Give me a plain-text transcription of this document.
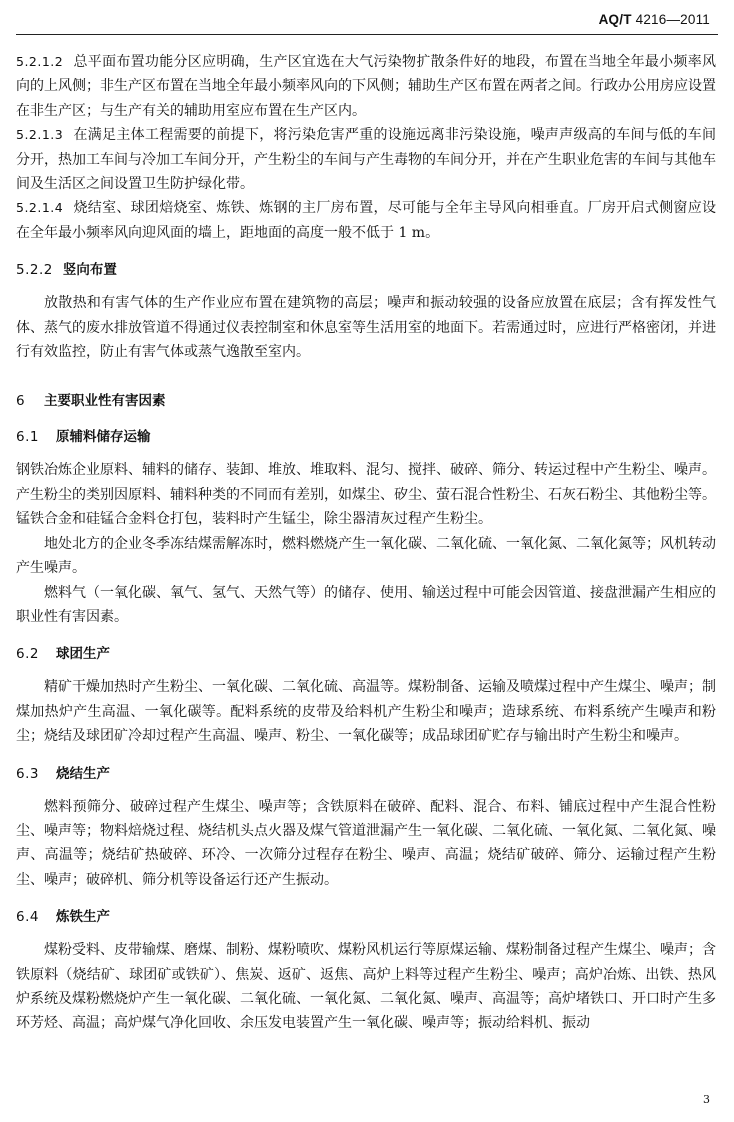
AQ/T 4216—2011

5.2.1.2 总平面布置功能分区应明确，生产区宜选在大气污染物扩散条件好的地段，布置在当地全年最小频率风向的上风侧；非生产区布置在当地全年最小频率风向的下风侧；辅助生产区布置在两者之间。行政办公用房应设置在非生产区；与生产有关的辅助用室应布置在生产区内。

5.2.1.3 在满足主体工程需要的前提下，将污染危害严重的设施远离非污染设施，噪声声级高的车间与低的车间分开，热加工车间与冷加工车间分开，产生粉尘的车间与产生毒物的车间分开，并在产生职业危害的车间与其他车间及生活区之间设置卫生防护绿化带。

5.2.1.4 烧结室、球团焙烧室、炼铁、炼钢的主厂房布置，尽可能与全年主导风向相垂直。厂房开启式侧窗应设在全年最小频率风向迎风面的墙上，距地面的高度一般不低于 1 m。

5.2.2 竖向布置

放散热和有害气体的生产作业应布置在建筑物的高层；噪声和振动较强的设备应放置在底层；含有挥发性气体、蒸气的废水排放管道不得通过仪表控制室和休息室等生活用室的地面下。若需通过时，应进行严格密闭，并进行有效监控，防止有害气体或蒸气逸散至室内。

6 主要职业性有害因素
6.1 原辅料储存运输

钢铁冶炼企业原料、辅料的储存、装卸、堆放、堆取料、混匀、搅拌、破碎、筛分、转运过程中产生粉尘、噪声。产生粉尘的类别因原料、辅料种类的不同而有差别，如煤尘、矽尘、萤石混合性粉尘、石灰石粉尘、其他粉尘等。锰铁合金和硅锰合金料仓打包，装料时产生锰尘，除尘器清灰过程产生粉尘。

地处北方的企业冬季冻结煤需解冻时，燃料燃烧产生一氧化碳、二氧化硫、一氧化氮、二氧化氮等；风机转动产生噪声。

燃料气（一氧化碳、氧气、氢气、天然气等）的储存、使用、输送过程中可能会因管道、接盘泄漏产生相应的职业性有害因素。

6.2 球团生产

精矿干燥加热时产生粉尘、一氧化碳、二氧化硫、高温等。煤粉制备、运输及喷煤过程中产生煤尘、噪声；制煤加热炉产生高温、一氧化碳等。配料系统的皮带及给料机产生粉尘和噪声；造球系统、布料系统产生噪声和粉尘；烧结及球团矿冷却过程产生高温、噪声、粉尘、一氧化碳等；成品球团矿贮存与输出时产生粉尘和噪声。

6.3 烧结生产

燃料预筛分、破碎过程产生煤尘、噪声等；含铁原料在破碎、配料、混合、布料、铺底过程中产生混合性粉尘、噪声等；物料焙烧过程、烧结机头点火器及煤气管道泄漏产生一氧化碳、二氧化硫、一氧化氮、二氧化氮、噪声、高温等；烧结矿热破碎、环冷、一次筛分过程存在粉尘、噪声、高温；烧结矿破碎、筛分、运输过程产生粉尘、噪声；破碎机、筛分机等设备运行还产生振动。

6.4 炼铁生产

煤粉受料、皮带输煤、磨煤、制粉、煤粉喷吹、煤粉风机运行等原煤运输、煤粉制备过程产生煤尘、噪声；含铁原料（烧结矿、球团矿或铁矿）、焦炭、返矿、返焦、高炉上料等过程产生粉尘、噪声；高炉冶炼、出铁、热风炉系统及煤粉燃烧炉产生一氧化碳、二氧化硫、一氧化氮、二氧化氮、噪声、高温等；高炉堵铁口、开口时产生多环芳烃、高温；高炉煤气净化回收、余压发电装置产生一氧化碳、噪声等；振动给料机、振动

3
